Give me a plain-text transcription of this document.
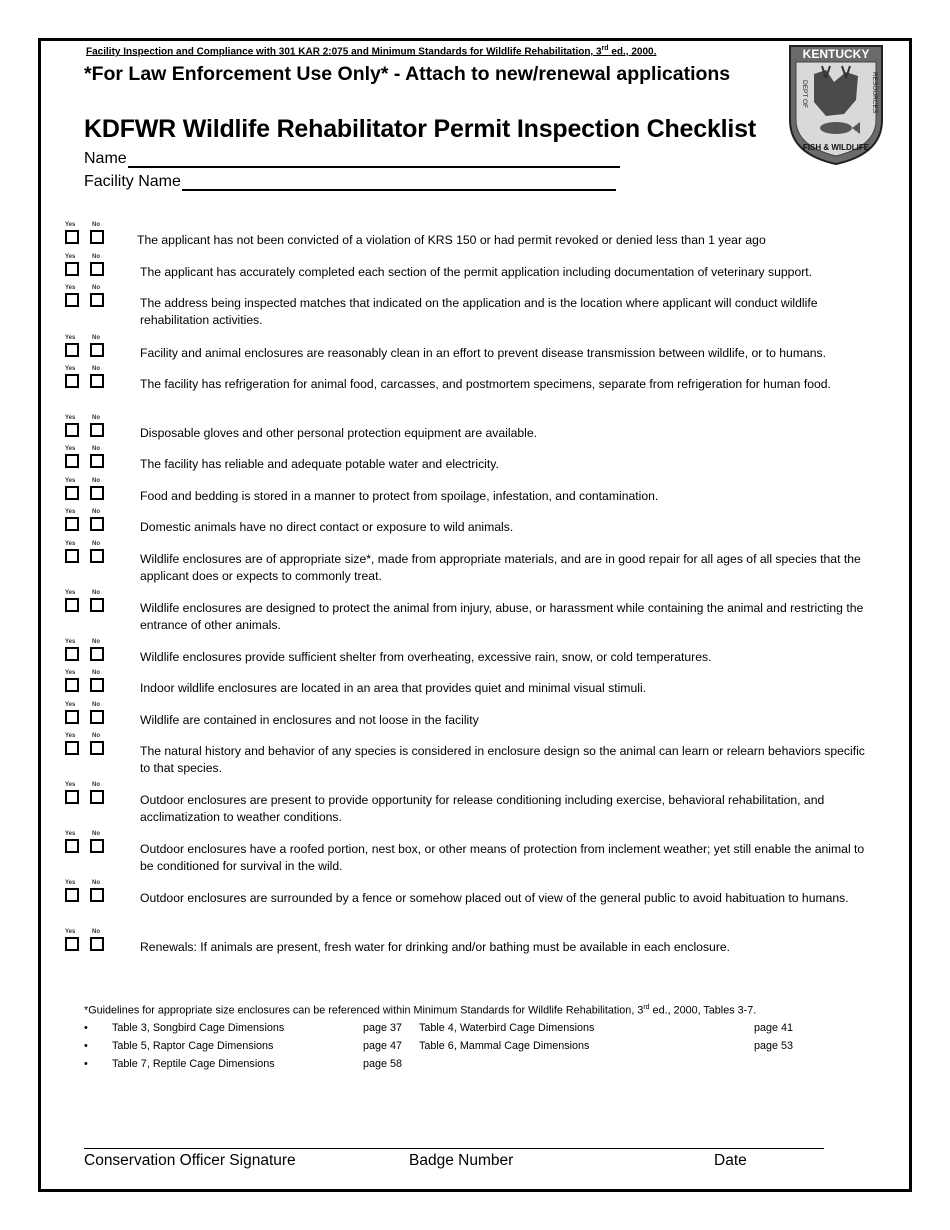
Facility Inspection and Compliance with 301 KAR 2:075 and Minimum Standards for Wildlife Rehabilitation, 3rd ed., 2000.
*For Law Enforcement Use Only* - Attach to new/renewal applications
KDFWR Wildlife Rehabilitator Permit Inspection Checklist
Name
Facility Name
KENTUCKY
DEPT OF	RESOURCES
FISH & WILDLIFE
Yes	No
The applicant has not been convicted of a violation of KRS 150 or had permit revoked or denied less than 1 year ago
Yes	No
The applicant has accurately completed each section of the permit application including documentation of veterinary support.
Yes	No
The address being inspected matches that indicated on the application and is the location where applicant will conduct wildlife rehabilitation activities.
Yes	No
Facility and animal enclosures are reasonably clean in an effort to prevent disease transmission between wildlife, or to humans.
Yes	No
The facility has refrigeration for animal food, carcasses, and postmortem specimens, separate from refrigeration for human food.
Yes	No
Disposable gloves and other personal protection equipment are available.
Yes	No
The facility has reliable and adequate potable water and electricity.
Yes	No
Food and bedding is stored in a manner to protect from spoilage, infestation, and contamination.
Yes	No
Domestic animals have no direct contact or exposure to wild animals.
Yes	No
Wildlife enclosures are of appropriate size*, made from appropriate materials, and are in good repair for all ages of all species that the applicant does or expects to commonly treat.
Yes	No
Wildlife enclosures are designed to protect the animal from injury, abuse, or harassment while containing the animal and restricting the entrance of other animals.
Yes	No
Wildlife enclosures provide sufficient shelter from overheating, excessive rain, snow, or cold temperatures.
Yes	No
Indoor wildlife enclosures are located in an area that provides quiet and minimal visual stimuli.
Yes	No
Wildlife are contained in enclosures and not loose in the facility
Yes	No
The natural history and behavior of any species is considered in enclosure design so the animal can learn or relearn behaviors specific to that species.
Yes	No
Outdoor enclosures are present to provide opportunity for release conditioning including exercise, behavioral rehabilitation, and acclimatization to weather conditions.
Yes	No
Outdoor enclosures have a roofed portion, nest box, or other means of protection from inclement weather; yet still enable the animal to be conditioned for survival in the wild.
Yes	No
Outdoor enclosures are surrounded by a fence or somehow placed out of view of the general public to avoid habituation to humans.
Yes	No
Renewals: If animals are present, fresh water for drinking and/or bathing must be available in each enclosure.
*Guidelines for appropriate size enclosures can be referenced within Minimum Standards for Wildlife Rehabilitation, 3rd ed., 2000, Tables 3-7.
• Table 3, Songbird Cage Dimensions	page 37 Table 4, Waterbird Cage Dimensions	page 41
• Table 5, Raptor Cage Dimensions	page 47 Table 6, Mammal Cage Dimensions	page 53
• Table 7, Reptile Cage Dimensions	page 58
Conservation Officer Signature	Badge Number	Date
